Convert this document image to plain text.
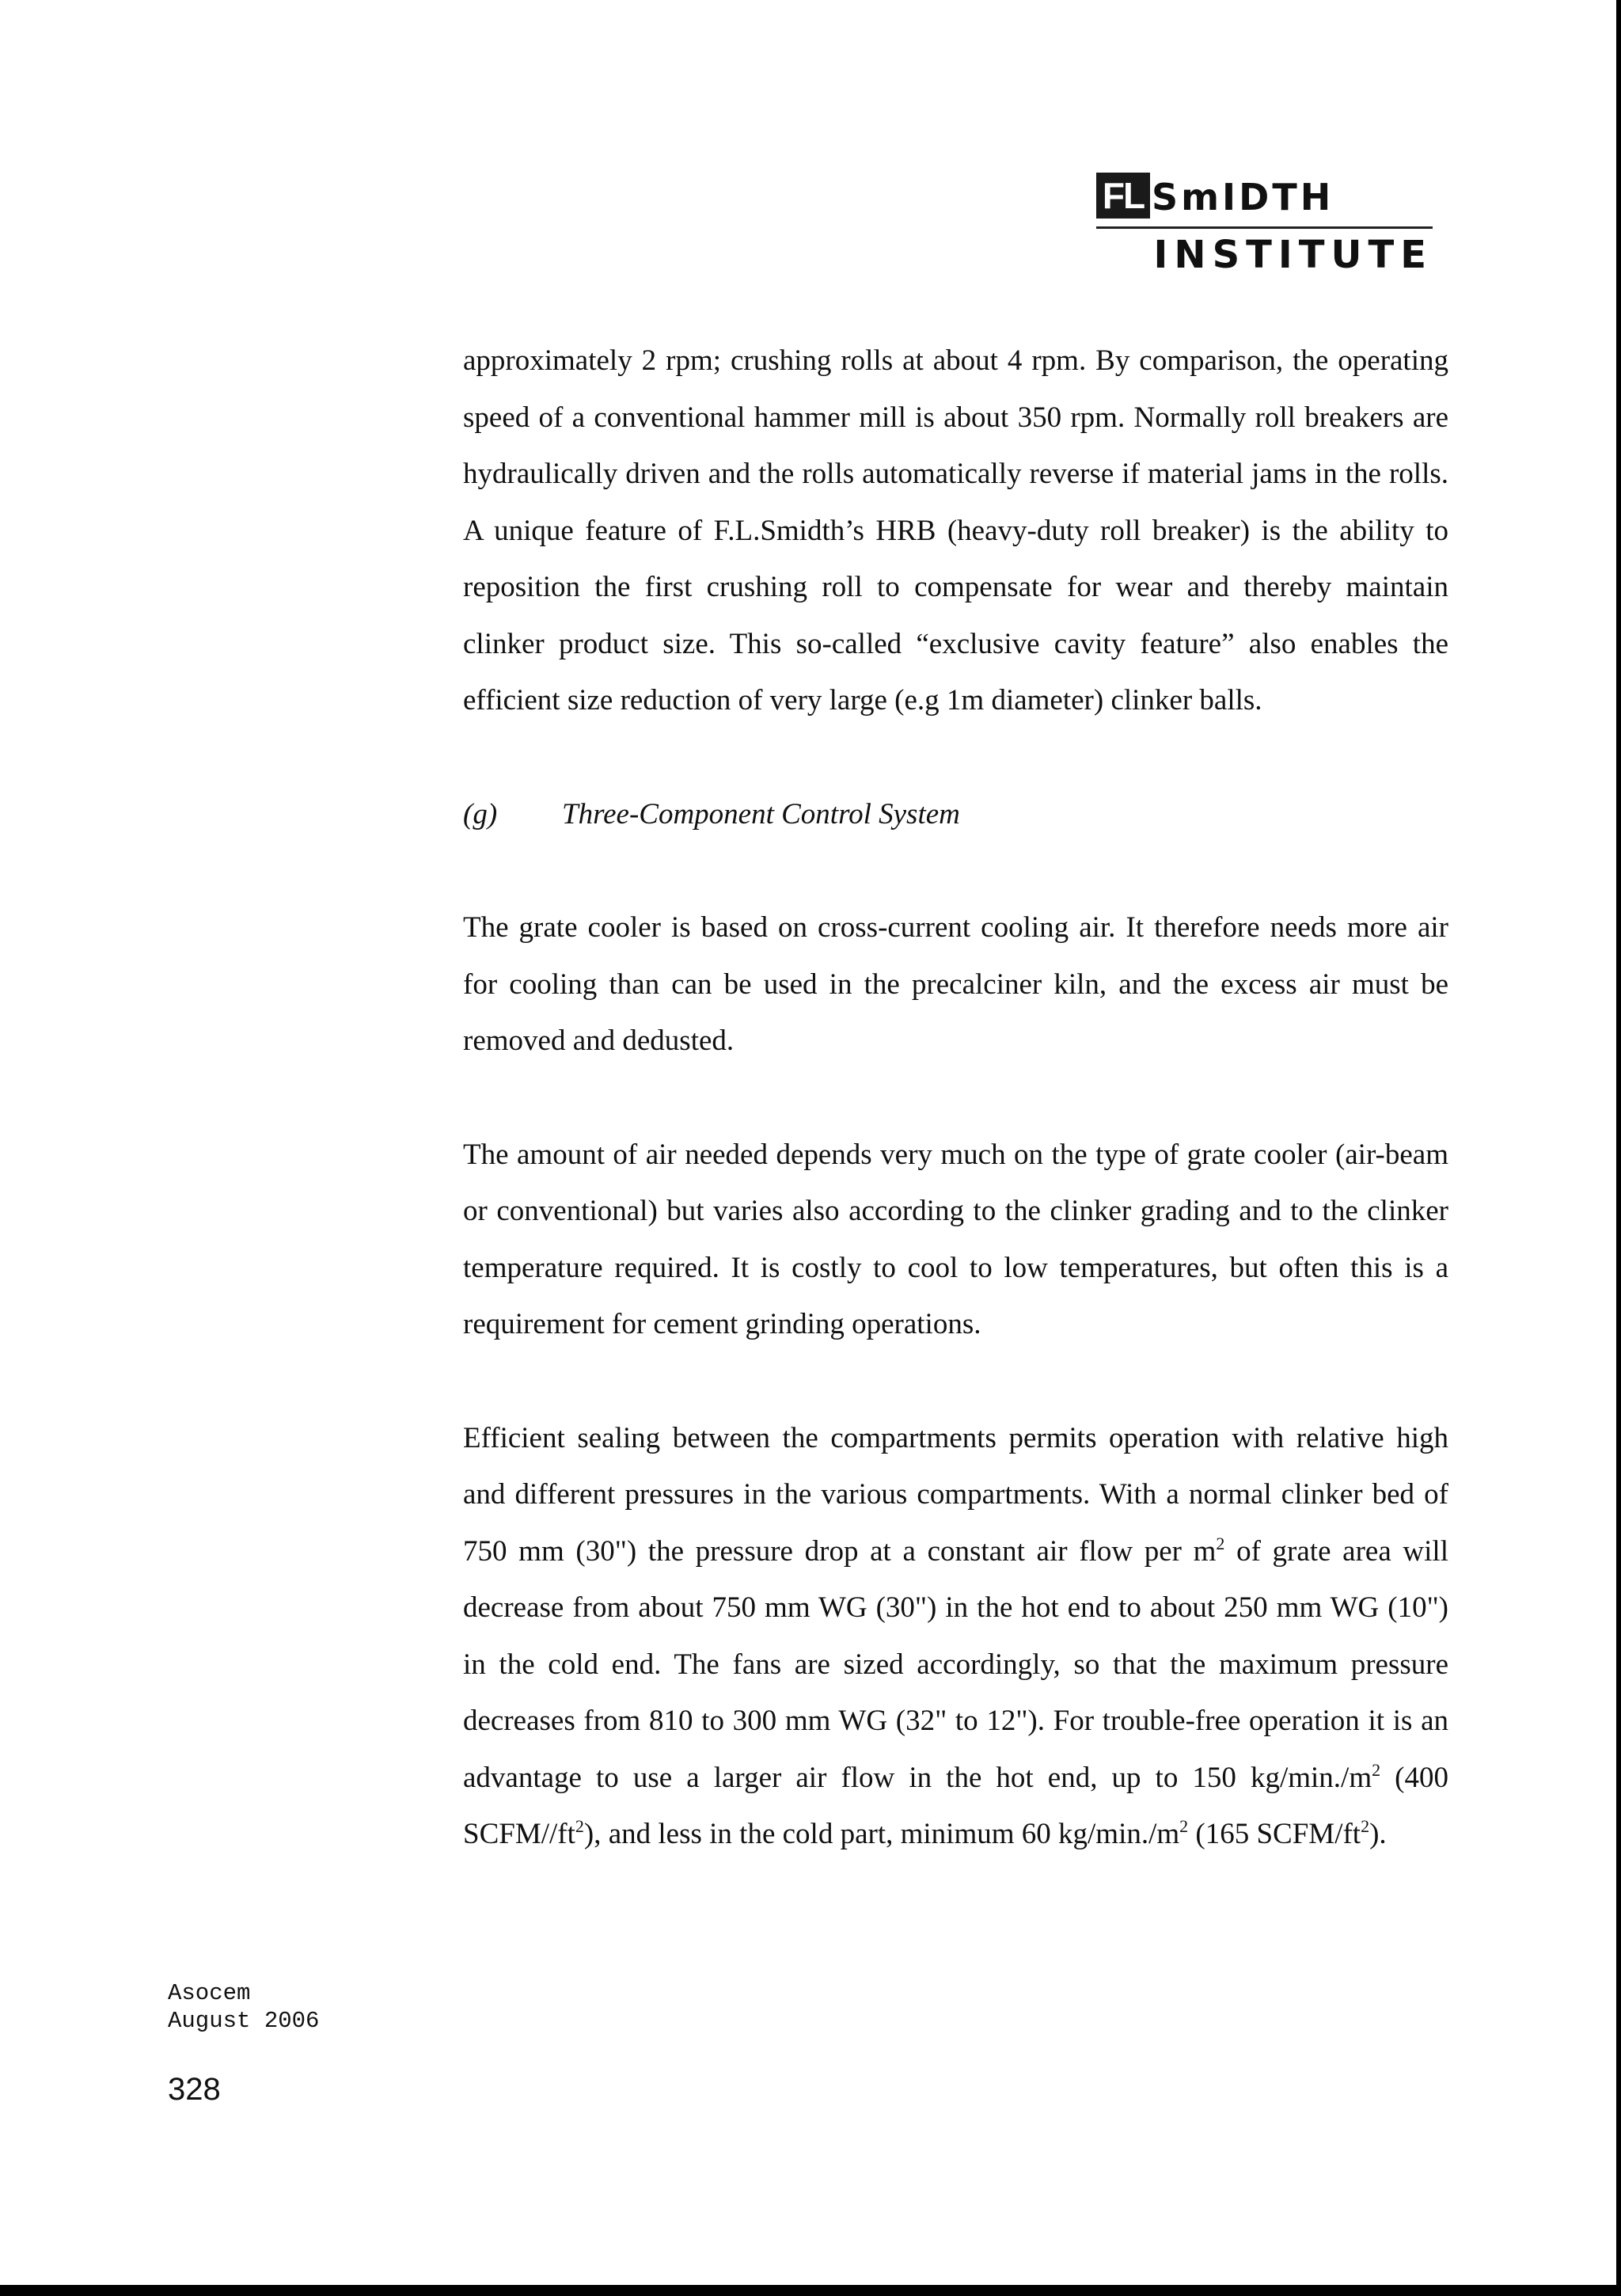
FL SmIDTH
INSTITUTE

approximately 2 rpm; crushing rolls at about 4 rpm. By comparison, the operating speed of a conventional hammer mill is about 350 rpm. Normally roll breakers are hydraulically driven and the rolls automatically reverse if material jams in the rolls. A unique feature of F.L.Smidth’s HRB (heavy-duty roll breaker) is the ability to reposition the first crushing roll to compensate for wear and thereby maintain clinker product size. This so-called “exclusive cavity feature” also enables the efficient size reduction of very large (e.g 1m diameter) clinker balls.

(g) Three-Component Control System

The grate cooler is based on cross-current cooling air. It therefore needs more air for cooling than can be used in the precalciner kiln, and the excess air must be removed and dedusted.

The amount of air needed depends very much on the type of grate cooler (air-beam or conventional) but varies also according to the clinker grading and to the clinker temperature required. It is costly to cool to low temperatures, but often this is a requirement for cement grinding operations.

Efficient sealing between the compartments permits operation with relative high and different pressures in the various compartments. With a normal clinker bed of 750 mm (30") the pressure drop at a constant air flow per $m^2$ of grate area will decrease from about 750 mm WG (30") in the hot end to about 250 mm WG (10") in the cold end. The fans are sized accordingly, so that the maximum pressure decreases from 810 to 300 mm WG (32" to 12"). For trouble-free operation it is an advantage to use a larger air flow in the hot end, up to 150 $kg/\min./m^2$ (400 SCFM/$/ft^2$), and less in the cold part, minimum 60 $kg/\min./m^2$ (165 SCFM/$ft^2$).

Asocem
August 2006
328
